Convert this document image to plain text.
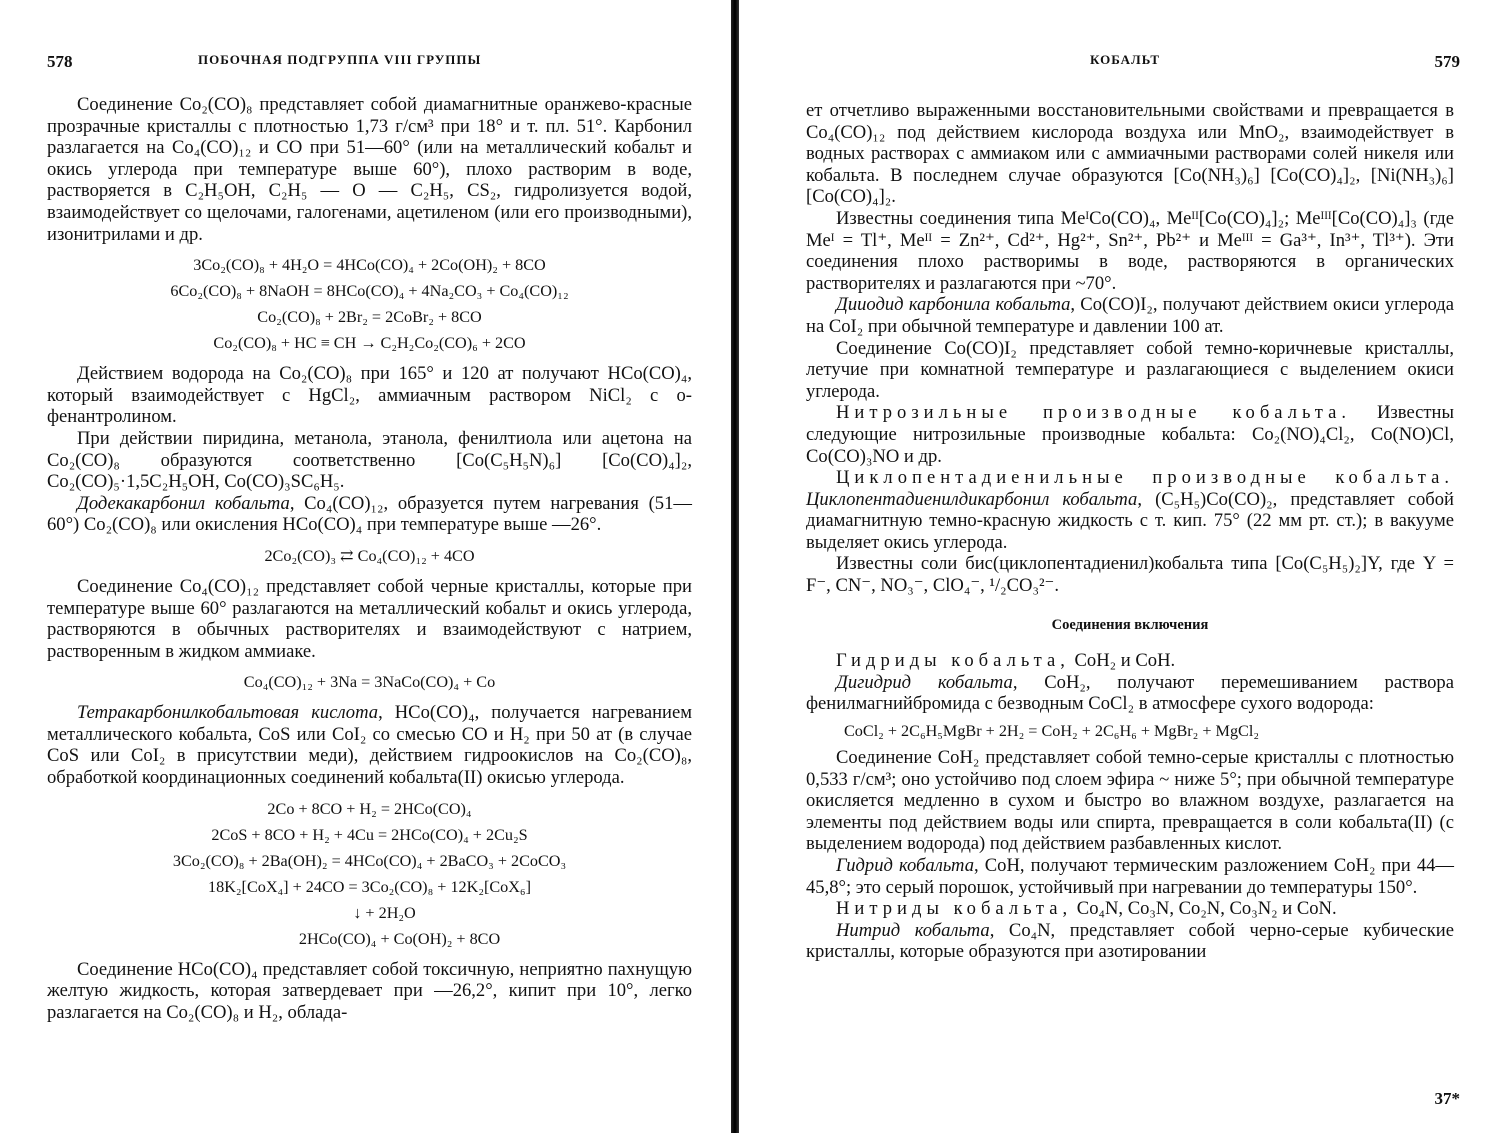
578	ПОБОЧНАЯ ПОДГРУППА VIII ГРУППЫ

Соединение Co₂(CO)₈ представляет собой диамагнитные оранжево-красные прозрачные кристаллы с плотностью 1,73 г/см³ при 18° и т. пл. 51°. Карбонил разлагается на Co₄(CO)₁₂ и CO при 51—60° (или на металлический кобальт и окись углерода при температуре выше 60°), плохо растворим в воде, растворяется в C₂H₅OH, C₂H₅ — O — C₂H₅, CS₂, гидролизуется водой, взаимодействует со щелочами, галогенами, ацетиленом (или его производными), изонитрилами и др.

3Co₂(CO)₈ + 4H₂O = 4HCo(CO)₄ + 2Co(OH)₂ + 8CO
6Co₂(CO)₈ + 8NaOH = 8HCo(CO)₄ + 4Na₂CO₃ + Co₄(CO)₁₂
Co₂(CO)₈ + 2Br₂ = 2CoBr₂ + 8CO
Co₂(CO)₈ + HC ≡ CH → C₂H₂Co₂(CO)₆ + 2CO

Действием водорода на Co₂(CO)₈ при 165° и 120 ат получают HCo(CO)₄, который взаимодействует с HgCl₂, аммиачным раствором NiCl₂ с о-фенантролином.

При действии пиридина, метанола, этанола, фенилтиола или ацетона на Co₂(CO)₈ образуются соответственно [Co(C₅H₅N)₆] [Co(CO)₄]₂, Co₂(CO)₅·1,5C₂H₅OH, Co(CO)₃SC₆H₅.

Додекакарбонил кобальта, Co₄(CO)₁₂, образуется путем нагревания (51—60°) Co₂(CO)₈ или окисления HCo(CO)₄ при температуре выше —26°.

2Co₂(CO)₃ ⇄ Co₄(CO)₁₂ + 4CO

Соединение Co₄(CO)₁₂ представляет собой черные кристаллы, которые при температуре выше 60° разлагаются на металлический кобальт и окись углерода, растворяются в обычных растворителях и взаимодействуют с натрием, растворенным в жидком аммиаке.

Co₄(CO)₁₂ + 3Na = 3NaCo(CO)₄ + Co

Тетракарбонилкобальтовая кислота, HCo(CO)₄, получается нагреванием металлического кобальта, CoS или CoI₂ со смесью CO и H₂ при 50 ат (в случае CoS или CoI₂ в присутствии меди), действием гидроокислов на Co₂(CO)₈, обработкой координационных соединений кобальта(II) окисью углерода.

2Co + 8CO + H₂ = 2HCo(CO)₄
2CoS + 8CO + H₂ + 4Cu = 2HCo(CO)₄ + 2Cu₂S
3Co₂(CO)₈ + 2Ba(OH)₂ = 4HCo(CO)₄ + 2BaCO₃ + 2CoCO₃
18K₂[CoX₄] + 24CO = 3Co₂(CO)₈ + 12K₂[CoX₆]
↓ + 2H₂O
2HCo(CO)₄ + Co(OH)₂ + 8CO

Соединение HCo(CO)₄ представляет собой токсичную, неприятно пахнущую желтую жидкость, которая затвердевает при —26,2°, кипит при 10°, легко разлагается на Co₂(CO)₈ и H₂, облада-

КОБАЛЬТ	579

ет отчетливо выраженными восстановительными свойствами и превращается в Co₄(CO)₁₂ под действием кислорода воздуха или MnO₂, взаимодействует в водных растворах с аммиаком или с аммиачными растворами солей никеля или кобальта. В последнем случае образуются [Co(NH₃)₆] [Co(CO)₄]₂, [Ni(NH₃)₆][Co(CO)₄]₂.

Известны соединения типа MeᴵCo(CO)₄, Meᴵᴵ[Co(CO)₄]₂; Meᴵᴵᴵ[Co(CO)₄]₃ (где Meᴵ = Tl⁺, Meᴵᴵ = Zn²⁺, Cd²⁺, Hg²⁺, Sn²⁺, Pb²⁺ и Meᴵᴵᴵ = Ga³⁺, In³⁺, Tl³⁺). Эти соединения плохо растворимы в воде, растворяются в органических растворителях и разлагаются при ~70°.

Дииодид карбонила кобальта, Co(CO)I₂, получают действием окиси углерода на CoI₂ при обычной температуре и давлении 100 ат.

Соединение Co(CO)I₂ представляет собой темно-коричневые кристаллы, летучие при комнатной температуре и разлагающиеся с выделением окиси углерода.

Нитрозильные производные кобальта. Известны следующие нитрозильные производные кобальта: Co₂(NO)₄Cl₂, Co(NO)Cl, Co(CO)₃NO и др.

Циклопентадиенильные производные кобальта. Циклопентадиенилдикарбонил кобальта, (C₅H₅)Co(CO)₂, представляет собой диамагнитную темно-красную жидкость с т. кип. 75° (22 мм рт. ст.); в вакууме выделяет окись углерода.

Известны соли бис(циклопентадиенил)кобальта типа [Co(C₅H₅)₂]Y, где Y = F⁻, CN⁻, NO₃⁻, ClO₄⁻, ¹/₂CO₃²⁻.

Соединения включения

Гидриды кобальта, CoH₂ и CoH.

Дигидрид кобальта, CoH₂, получают перемешиванием раствора фенилмагнийбромида с безводным CoCl₂ в атмосфере сухого водорода:

CoCl₂ + 2C₆H₅MgBr + 2H₂ = CoH₂ + 2C₆H₆ + MgBr₂ + MgCl₂

Соединение CoH₂ представляет собой темно-серые кристаллы с плотностью 0,533 г/см³; оно устойчиво под слоем эфира ~ ниже 5°; при обычной температуре окисляется медленно в сухом и быстро во влажном воздухе, разлагается на элементы под действием воды или спирта, превращается в соли кобальта(II) (с выделением водорода) под действием разбавленных кислот.

Гидрид кобальта, CoH, получают термическим разложением CoH₂ при 44—45,8°; это серый порошок, устойчивый при нагревании до температуры 150°.

Нитриды кобальта, Co₄N, Co₃N, Co₂N, Co₃N₂ и CoN.

Нитрид кобальта, Co₄N, представляет собой черно-серые кубические кристаллы, которые образуются при азотировании

37*
